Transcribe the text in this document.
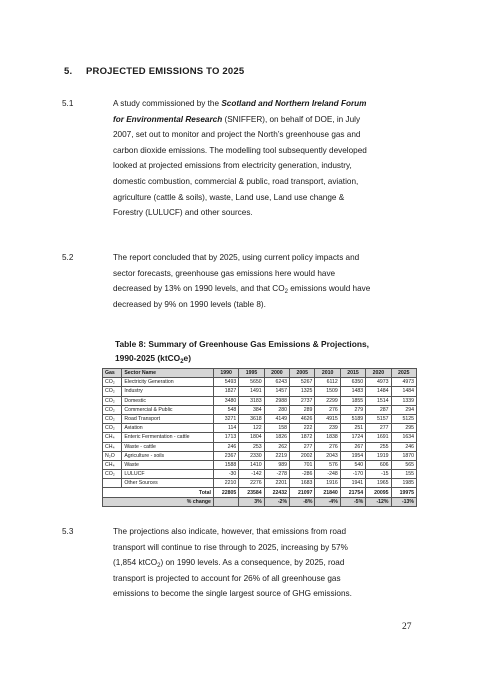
5. PROJECTED EMISSIONS TO 2025
5.1	A study commissioned by the Scotland and Northern Ireland Forum
for Environmental Research (SNIFFER), on behalf of DOE, in July
2007, set out to monitor and project the North’s greenhouse gas and
carbon dioxide emissions. The modelling tool subsequently developed
looked at projected emissions from electricity generation, industry,
domestic combustion, commercial & public, road transport, aviation,
agriculture (cattle & soils), waste, Land use, Land use change &
Forestry (LULUCF) and other sources.
5.2	The report concluded that by 2025, using current policy impacts and
sector forecasts, greenhouse gas emissions here would have
decreased by 13% on 1990 levels, and that $CO_2$ emissions would have
decreased by 9% on 1990 levels (table 8).
Table 8: Summary of Greenhouse Gas Emissions & Projections,
1990-2025 (ktCO$_2$e)
Gas	Sector Name	1990	1995	2000	2005	2010	2015	2020	2025
CO₂	Electricity Generation	5493	5650	6243	5267	6112	6350	4973	4973
CO₂	Industry	1827	1491	1457	1325	1509	1483	1484	1484
CO₂	Domestic	3480	3183	2988	2737	2299	1855	1514	1339
CO₂	Commercial & Public	548	384	280	289	276	279	287	294
CO₂	Road Transport	3271	3618	4149	4626	4915	5189	5157	5125
CO₂	Aviation	114	122	158	222	239	251	277	295
CH₄	Enteric Fermentation - cattle	1713	1804	1826	1872	1838	1724	1691	1634
CH₄	Waste - cattle	246	253	262	277	276	267	255	246
N₂O	Agriculture - soils	2367	2330	2219	2002	2043	1954	1919	1870
CH₄	Waste	1588	1410	989	701	576	540	606	565
CO₂	LULUCF	-30	-142	-278	-286	-248	-170	-15	155
	Other Sources	2210	2276	2201	1683	1916	1941	1965	1985
Total		22805	23584	22432	21097	21840	21754	20095	19975
% change			3%	-2%	-8%	-4%	-5%	-12%	-13%
5.3	The projections also indicate, however, that emissions from road
transport will continue to rise through to 2025, increasing by 57%
(1,854 ktCO$_2$) on 1990 levels. As a consequence, by 2025, road
transport is projected to account for 26% of all greenhouse gas
emissions to become the single largest source of GHG emissions.
27
